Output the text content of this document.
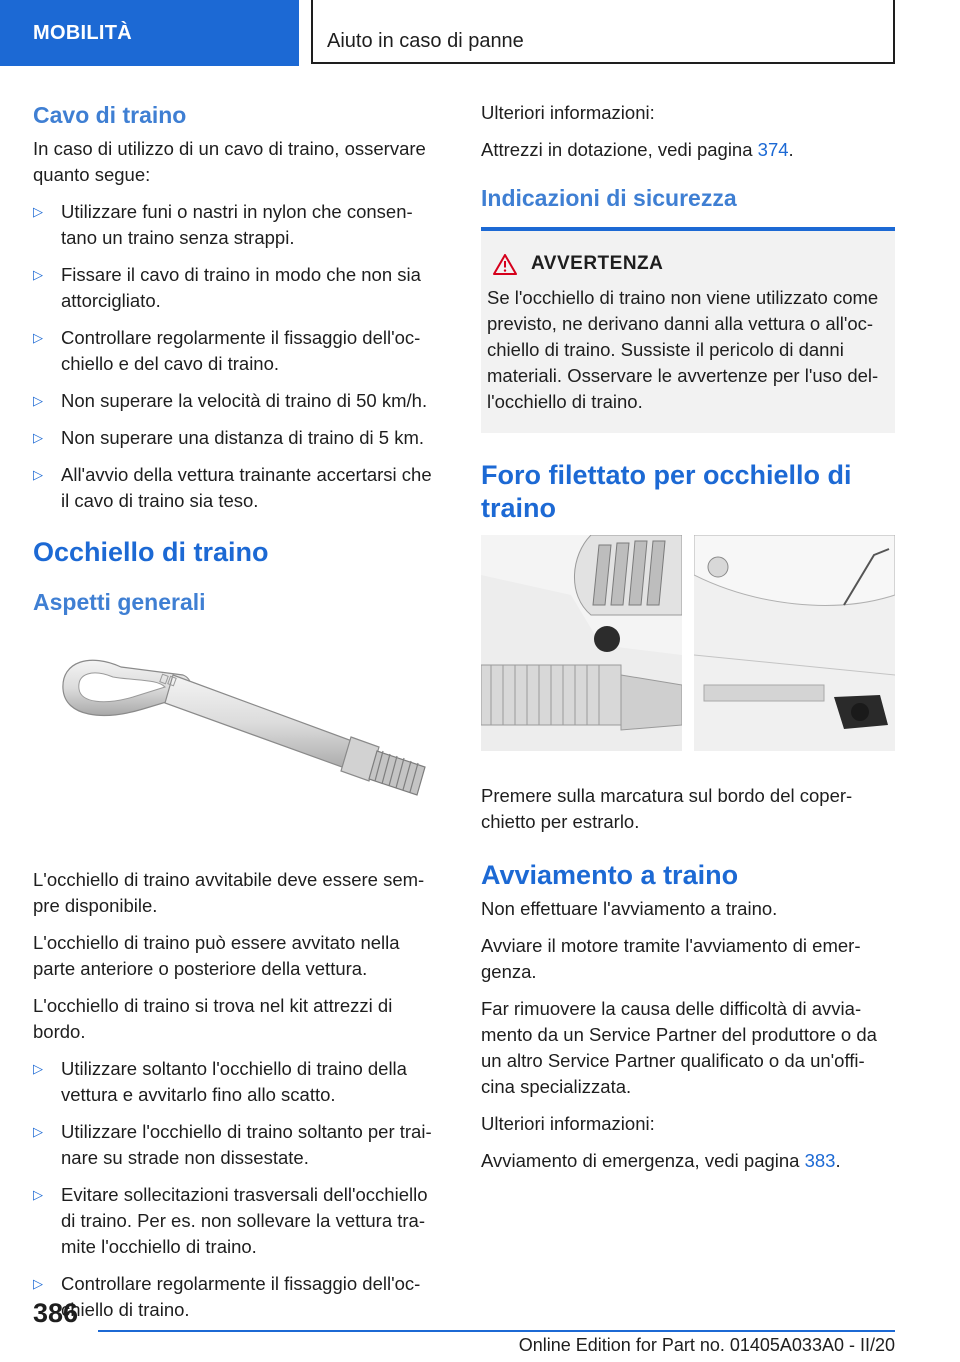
MOBILITÀ	Aiuto in caso di panne
Cavo di traino

In caso di utilizzo di un cavo di traino, osservare quanto segue:

▷ Utilizzare funi o nastri in nylon che consen‐tano un traino senza strappi.
▷ Fissare il cavo di traino in modo che non sia attorcigliato.
▷ Controllare regolarmente il fissaggio dell'oc‐chiello e del cavo di traino.
▷ Non superare la velocità di traino di 50 km/h.
▷ Non superare una distanza di traino di 5 km.
▷ All'avvio della vettura trainante accertarsi che il cavo di traino sia teso.
Occhiello di traino
Aspetti generali

L'occhiello di traino avvitabile deve essere sem‐pre disponibile.

L'occhiello di traino può essere avvitato nella parte anteriore o posteriore della vettura.

L'occhiello di traino si trova nel kit attrezzi di bordo.

▷ Utilizzare soltanto l'occhiello di traino della vettura e avvitarlo fino allo scatto.
▷ Utilizzare l'occhiello di traino soltanto per trai‐nare su strade non dissestate.
▷ Evitare sollecitazioni trasversali dell'occhiello di traino. Per es. non sollevare la vettura tra‐mite l'occhiello di traino.
▷ Controllare regolarmente il fissaggio dell'oc‐chiello di traino.

Ulteriori informazioni:

Attrezzi in dotazione, vedi pagina 374.

Indicazioni di sicurezza
AVVERTENZA

Se l'occhiello di traino non viene utilizzato come previsto, ne derivano danni alla vettura o all'oc‐chiello di traino. Sussiste il pericolo di danni materiali. Osservare le avvertenze per l'uso del‐l'occhiello di traino.

Foro filettato per occhiello di traino

Premere sulla marcatura sul bordo del coper‐chietto per estrarlo.

Avviamento a traino

Non effettuare l'avviamento a traino.

Avviare il motore tramite l'avviamento di emer‐genza.

Far rimuovere la causa delle difficoltà di avvia‐mento da un Service Partner del produttore o da un altro Service Partner qualificato o da un'offi‐cina specializzata.

Ulteriori informazioni:

Avviamento di emergenza, vedi pagina 383.

386
Online Edition for Part no. 01405A033A0 - II/20
